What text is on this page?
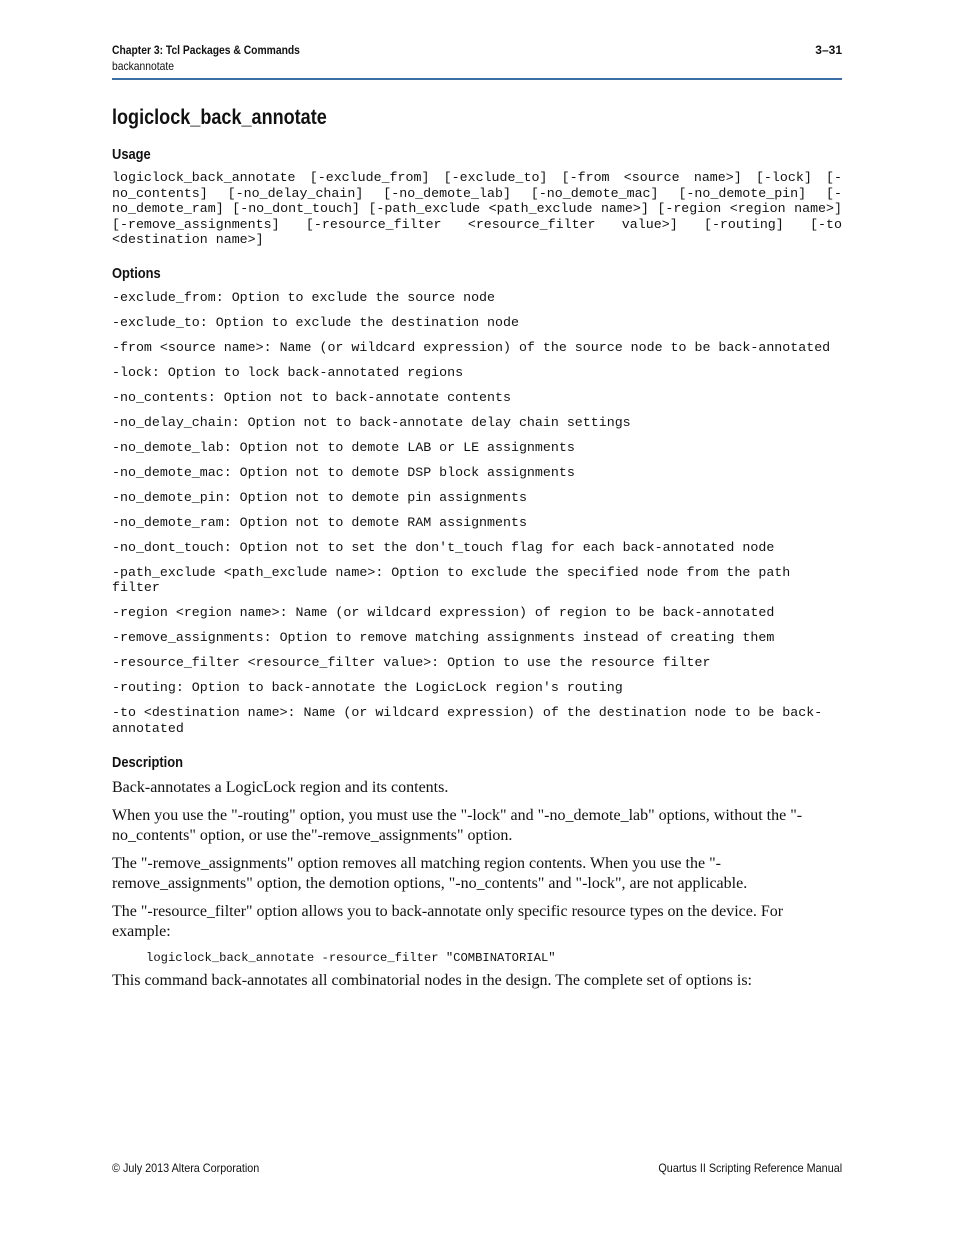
Chapter 3: Tcl Packages & Commands
backannotate
3–31
logiclock_back_annotate
Usage

logiclock_back_annotate [-exclude_from] [-exclude_to] [-from <source name>] [-lock] [-no_contents] [-no_delay_chain] [-no_demote_lab] [-no_demote_mac] [-no_demote_pin] [-no_demote_ram] [-no_dont_touch] [-path_exclude <path_exclude name>] [-region <region name>] [-remove_assignments] [-resource_filter <resource_filter value>] [-routing] [-to <destination name>]

Options

-exclude_from: Option to exclude the source node

-exclude_to: Option to exclude the destination node

-from <source name>: Name (or wildcard expression) of the source node to be back-annotated

-lock: Option to lock back-annotated regions

-no_contents: Option not to back-annotate contents

-no_delay_chain: Option not to back-annotate delay chain settings

-no_demote_lab: Option not to demote LAB or LE assignments

-no_demote_mac: Option not to demote DSP block assignments

-no_demote_pin: Option not to demote pin assignments

-no_demote_ram: Option not to demote RAM assignments

-no_dont_touch: Option not to set the don't_touch flag for each back-annotated node

-path_exclude <path_exclude name>: Option to exclude the specified node from the path filter

-region <region name>: Name (or wildcard expression) of region to be back-annotated

-remove_assignments: Option to remove matching assignments instead of creating them

-resource_filter <resource_filter value>: Option to use the resource filter

-routing: Option to back-annotate the LogicLock region's routing

-to <destination name>: Name (or wildcard expression) of the destination node to be back-annotated

Description

Back-annotates a LogicLock region and its contents.

When you use the "-routing" option, you must use the "-lock" and "-no_demote_lab" options, without the "-no_contents" option, or use the"-remove_assignments" option.

The "-remove_assignments" option removes all matching region contents. When you use the "-remove_assignments" option, the demotion options, "-no_contents" and "-lock", are not applicable.

The "-resource_filter" option allows you to back-annotate only specific resource types on the device. For example:

logiclock_back_annotate -resource_filter "COMBINATORIAL"

This command back-annotates all combinatorial nodes in the design. The complete set of options is:

© July 2013 Altera Corporation	Quartus II Scripting Reference Manual
